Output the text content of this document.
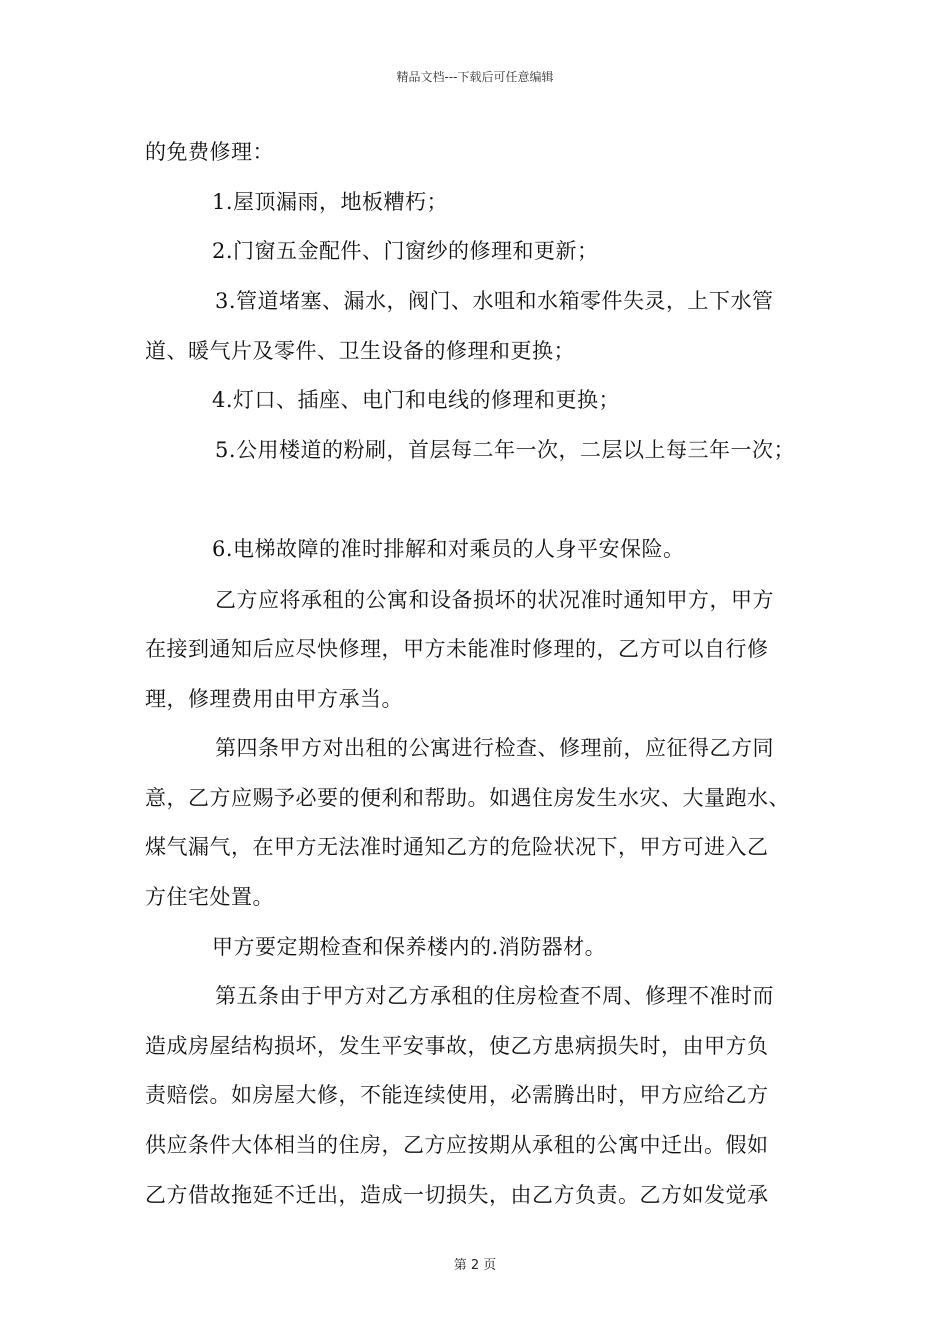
精品文档---下载后可任意编辑
的免费修理：
1.屋顶漏雨，地板糟朽；
2.门窗五金配件、门窗纱的修理和更新；
3.管道堵塞、漏水，阀门、水咀和水箱零件失灵，上下水管
道、暖气片及零件、卫生设备的修理和更换；
4.灯口、插座、电门和电线的修理和更换；
5.公用楼道的粉刷，首层每二年一次，二层以上每三年一次；
6.电梯故障的准时排解和对乘员的人身平安保险。
乙方应将承租的公寓和设备损坏的状况准时通知甲方，甲方
在接到通知后应尽快修理，甲方未能准时修理的，乙方可以自行修
理，修理费用由甲方承当。
第四条甲方对出租的公寓进行检查、修理前，应征得乙方同
意，乙方应赐予必要的便利和帮助。如遇住房发生水灾、大量跑水、
煤气漏气，在甲方无法准时通知乙方的危险状况下，甲方可进入乙
方住宅处置。
甲方要定期检查和保养楼内的.消防器材。
第五条由于甲方对乙方承租的住房检查不周、修理不准时而
造成房屋结构损坏，发生平安事故，使乙方患病损失时，由甲方负
责赔偿。如房屋大修，不能连续使用，必需腾出时，甲方应给乙方
供应条件大体相当的住房，乙方应按期从承租的公寓中迁出。假如
乙方借故拖延不迁出，造成一切损失，由乙方负责。乙方如发觉承
第 2 页
